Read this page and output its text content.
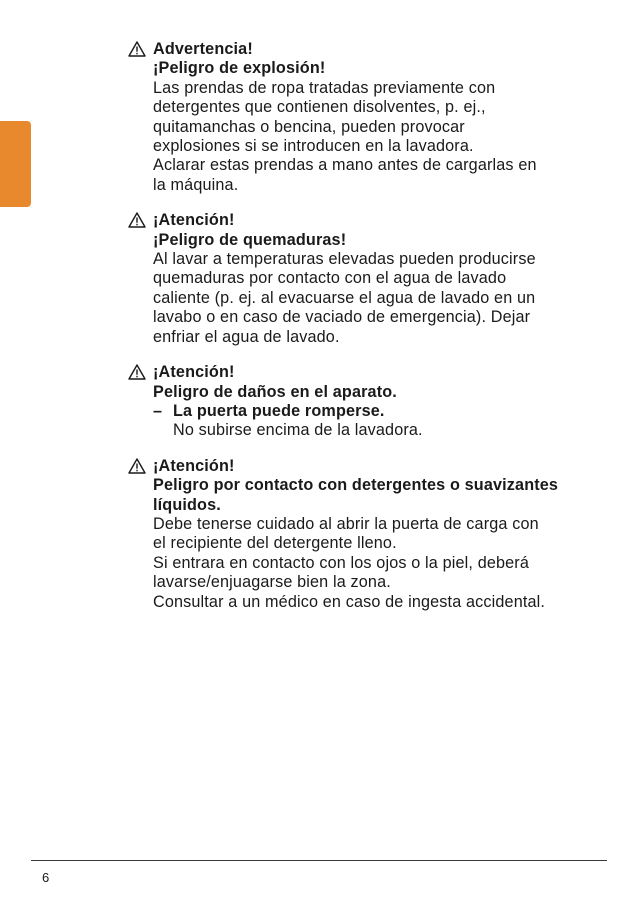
Advertencia!
¡Peligro de explosión!
Las prendas de ropa tratadas previamente con
detergentes que contienen disolventes, p. ej.,
quitamanchas o bencina, pueden provocar
explosiones si se introducen en la lavadora.
Aclarar estas prendas a mano antes de cargarlas en
la máquina.
¡Atención!
¡Peligro de quemaduras!
Al lavar a temperaturas elevadas pueden producirse
quemaduras por contacto con el agua de lavado
caliente (p. ej. al evacuarse el agua de lavado en un
lavabo o en caso de vaciado de emergencia). Dejar
enfriar el agua de lavado.
¡Atención!
Peligro de daños en el aparato.
– La puerta puede romperse.
No subirse encima de la lavadora.
¡Atención!
Peligro por contacto con detergentes o suavizantes
líquidos.
Debe tenerse cuidado al abrir la puerta de carga con
el recipiente del detergente lleno.
Si entrara en contacto con los ojos o la piel, deberá
lavarse/enjuagarse bien la zona.
Consultar a un médico en caso de ingesta accidental.
6
